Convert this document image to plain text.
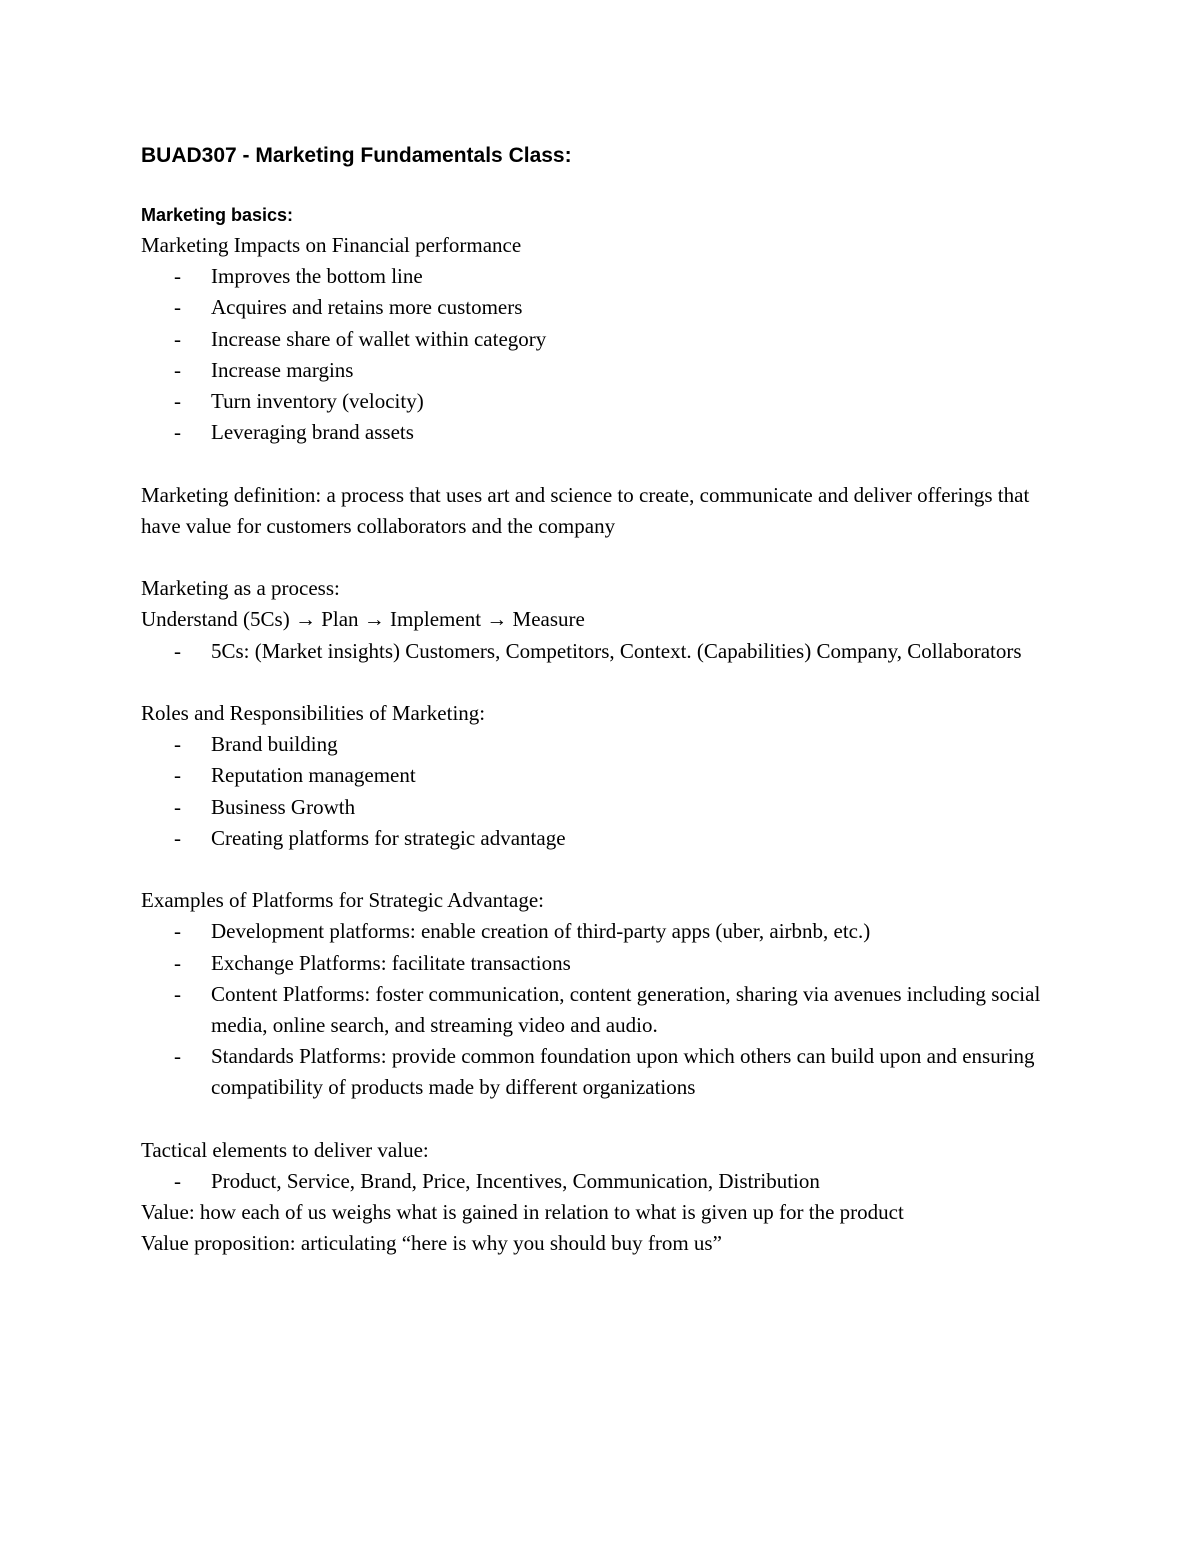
BUAD307 - Marketing Fundamentals Class:
Marketing basics:
Marketing Impacts on Financial performance
- Improves the bottom line
- Acquires and retains more customers
- Increase share of wallet within category
- Increase margins
- Turn inventory (velocity)
- Leveraging brand assets
Marketing definition: a process that uses art and science to create, communicate and deliver offerings that have value for customers collaborators and the company
Marketing as a process:
Understand (5Cs) → Plan → Implement → Measure
- 5Cs: (Market insights) Customers, Competitors, Context. (Capabilities) Company, Collaborators
Roles and Responsibilities of Marketing:
- Brand building
- Reputation management
- Business Growth
- Creating platforms for strategic advantage
Examples of Platforms for Strategic Advantage:
- Development platforms: enable creation of third-party apps (uber, airbnb, etc.)
- Exchange Platforms: facilitate transactions
- Content Platforms: foster communication, content generation, sharing via avenues including social media, online search, and streaming video and audio.
- Standards Platforms: provide common foundation upon which others can build upon and ensuring compatibility of products made by different organizations
Tactical elements to deliver value:
- Product, Service, Brand, Price, Incentives, Communication, Distribution
Value: how each of us weighs what is gained in relation to what is given up for the product
Value proposition: articulating “here is why you should buy from us”
